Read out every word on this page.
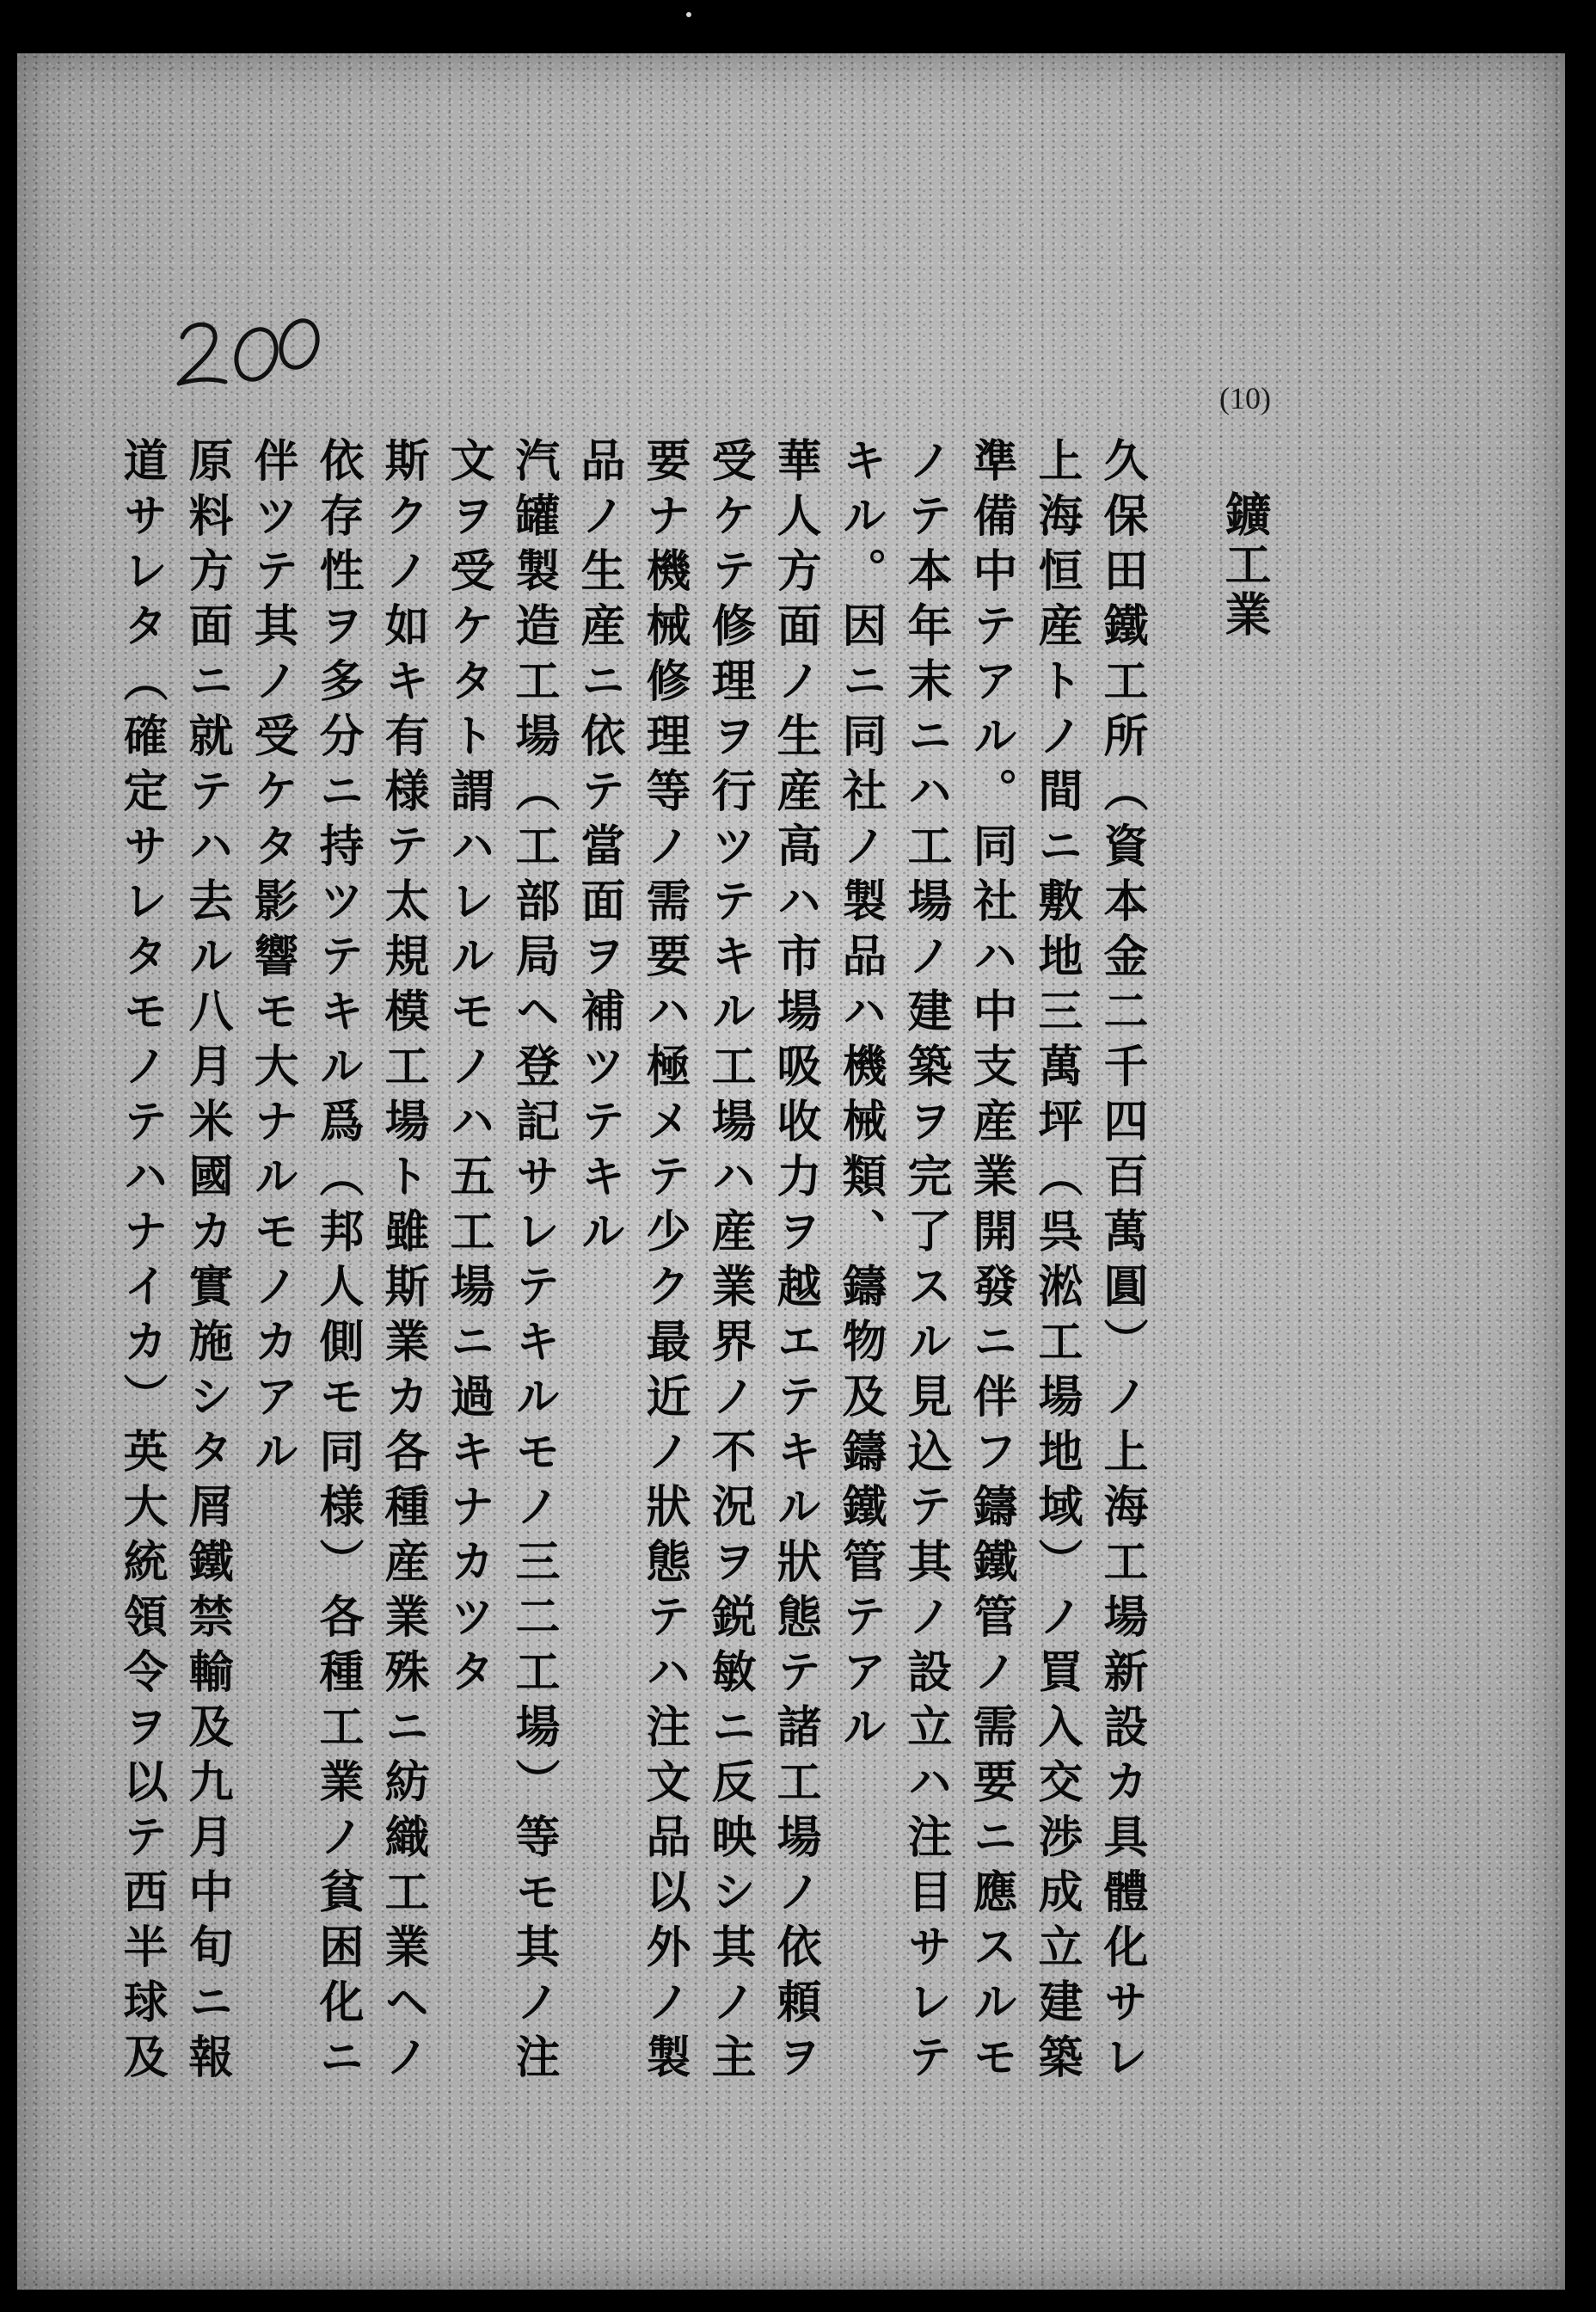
(10)
鑛工業
久保田鐵工所（資本金二千四百萬圓）ノ上海工場新設カ具體化サレ
上海恒産トノ間ニ敷地三萬坪（呉淞工場地域）ノ買入交渉成立建築
準備中テアル。同社ハ中支産業開發ニ伴フ鑄鐵管ノ需要ニ應スルモ
ノテ本年末ニハ工場ノ建築ヲ完了スル見込テ其ノ設立ハ注目サレテ
キル。因ニ同社ノ製品ハ機械類、鑄物及鑄鐵管テアル
華人方面ノ生産高ハ市場吸收力ヲ越エテキル狀態テ諸工場ノ依頼ヲ
受ケテ修理ヲ行ツテキル工場ハ産業界ノ不況ヲ鋭敏ニ反映シ其ノ主
要ナ機械修理等ノ需要ハ極メテ少ク最近ノ狀態テハ注文品以外ノ製
品ノ生産ニ依テ當面ヲ補ツテキル
汽罐製造工場（工部局ヘ登記サレテキルモノ三二工場）等モ其ノ注
文ヲ受ケタト謂ハレルモノハ五工場ニ過キナカツタ
斯クノ如キ有様テ太規模工場ト雖斯業カ各種産業殊ニ紡織工業ヘノ
依存性ヲ多分ニ持ツテキル爲（邦人側モ同様）各種工業ノ貧困化ニ
伴ツテ其ノ受ケタ影響モ大ナルモノカアル
原料方面ニ就テハ去ル八月米國カ實施シタ屑鐵禁輸及九月中旬ニ報
道サレタ（確定サレタモノテハナイカ）英大統領令ヲ以テ西半球及
